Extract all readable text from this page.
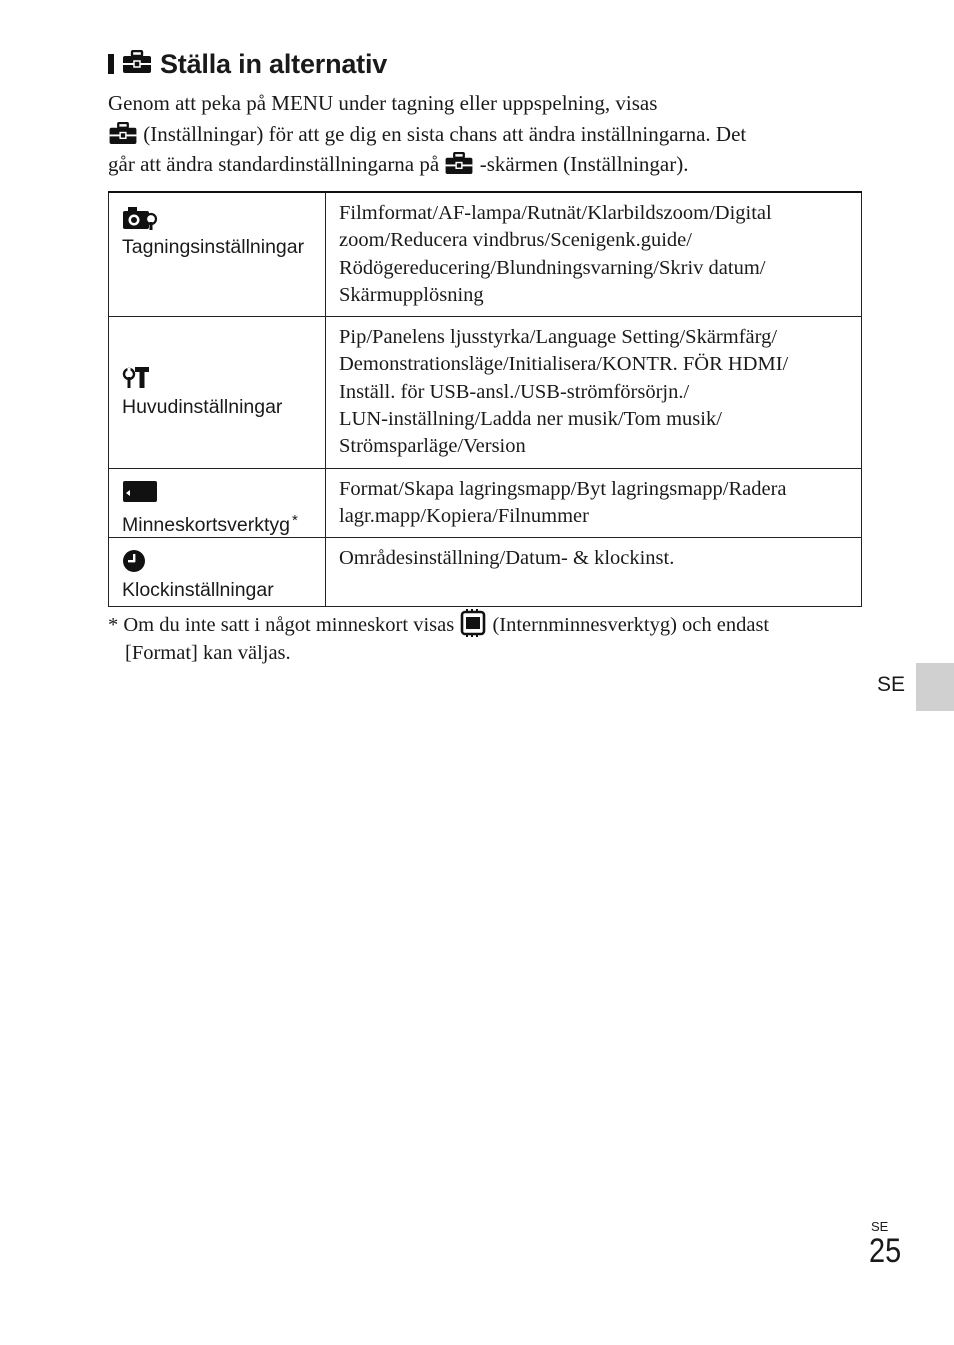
Ställa in alternativ
Genom att peka på MENU under tagning eller uppspelning, visas
(Inställningar) för att ge dig en sista chans att ändra inställningarna. Det
går att ändra standardinställningarna på -skärmen (Inställningar).
Tagningsinställningar	Filmformat/AF-lampa/Rutnät/Klarbildszoom/Digital
zoom/Reducera vindbrus/Scenigenk.guide/
Rödögereducering/Blundningsvarning/Skriv datum/
Skärmupplösning

Huvudinställningar	Pip/Panelens ljusstyrka/Language Setting/Skärmfärg/
Demonstrationsläge/Initialisera/KONTR. FÖR HDMI/
Inställ. för USB-ansl./USB-strömförsörjn./
LUN-inställning/Ladda ner musik/Tom musik/
Strömsparläge/Version

Minneskortsverktyg *	Format/Skapa lagringsmapp/Byt lagringsmapp/Radera
lagr.mapp/Kopiera/Filnummer

Klockinställningar	Områdesinställning/Datum- & klockinst.
* Om du inte satt i något minneskort visas (Internminnesverktyg) och endast
[Format] kan väljas.
SE
SE
25
